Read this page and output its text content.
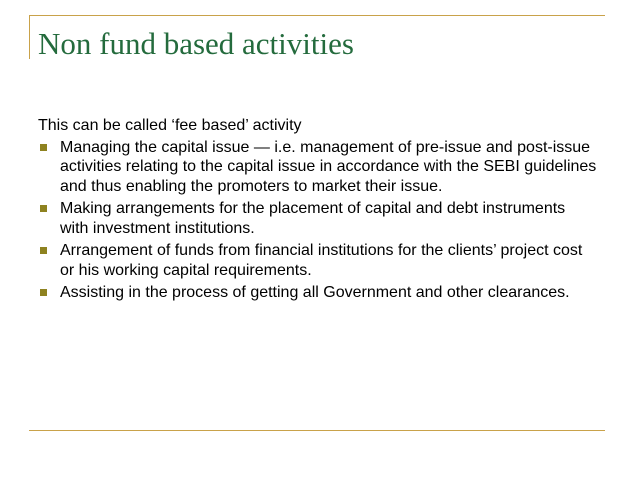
Non fund based activities

This can be called ‘fee based’ activity

Managing the capital issue — i.e. management of pre-issue and post-issue activities relating to the capital issue in accordance with the SEBI guidelines and thus enabling the promoters to market their issue.
Making arrangements for the placement of capital and debt instruments with investment institutions.
Arrangement of funds from financial institutions for the clients’ project cost or his working capital requirements.
Assisting in the process of getting all Government and other clearances.
